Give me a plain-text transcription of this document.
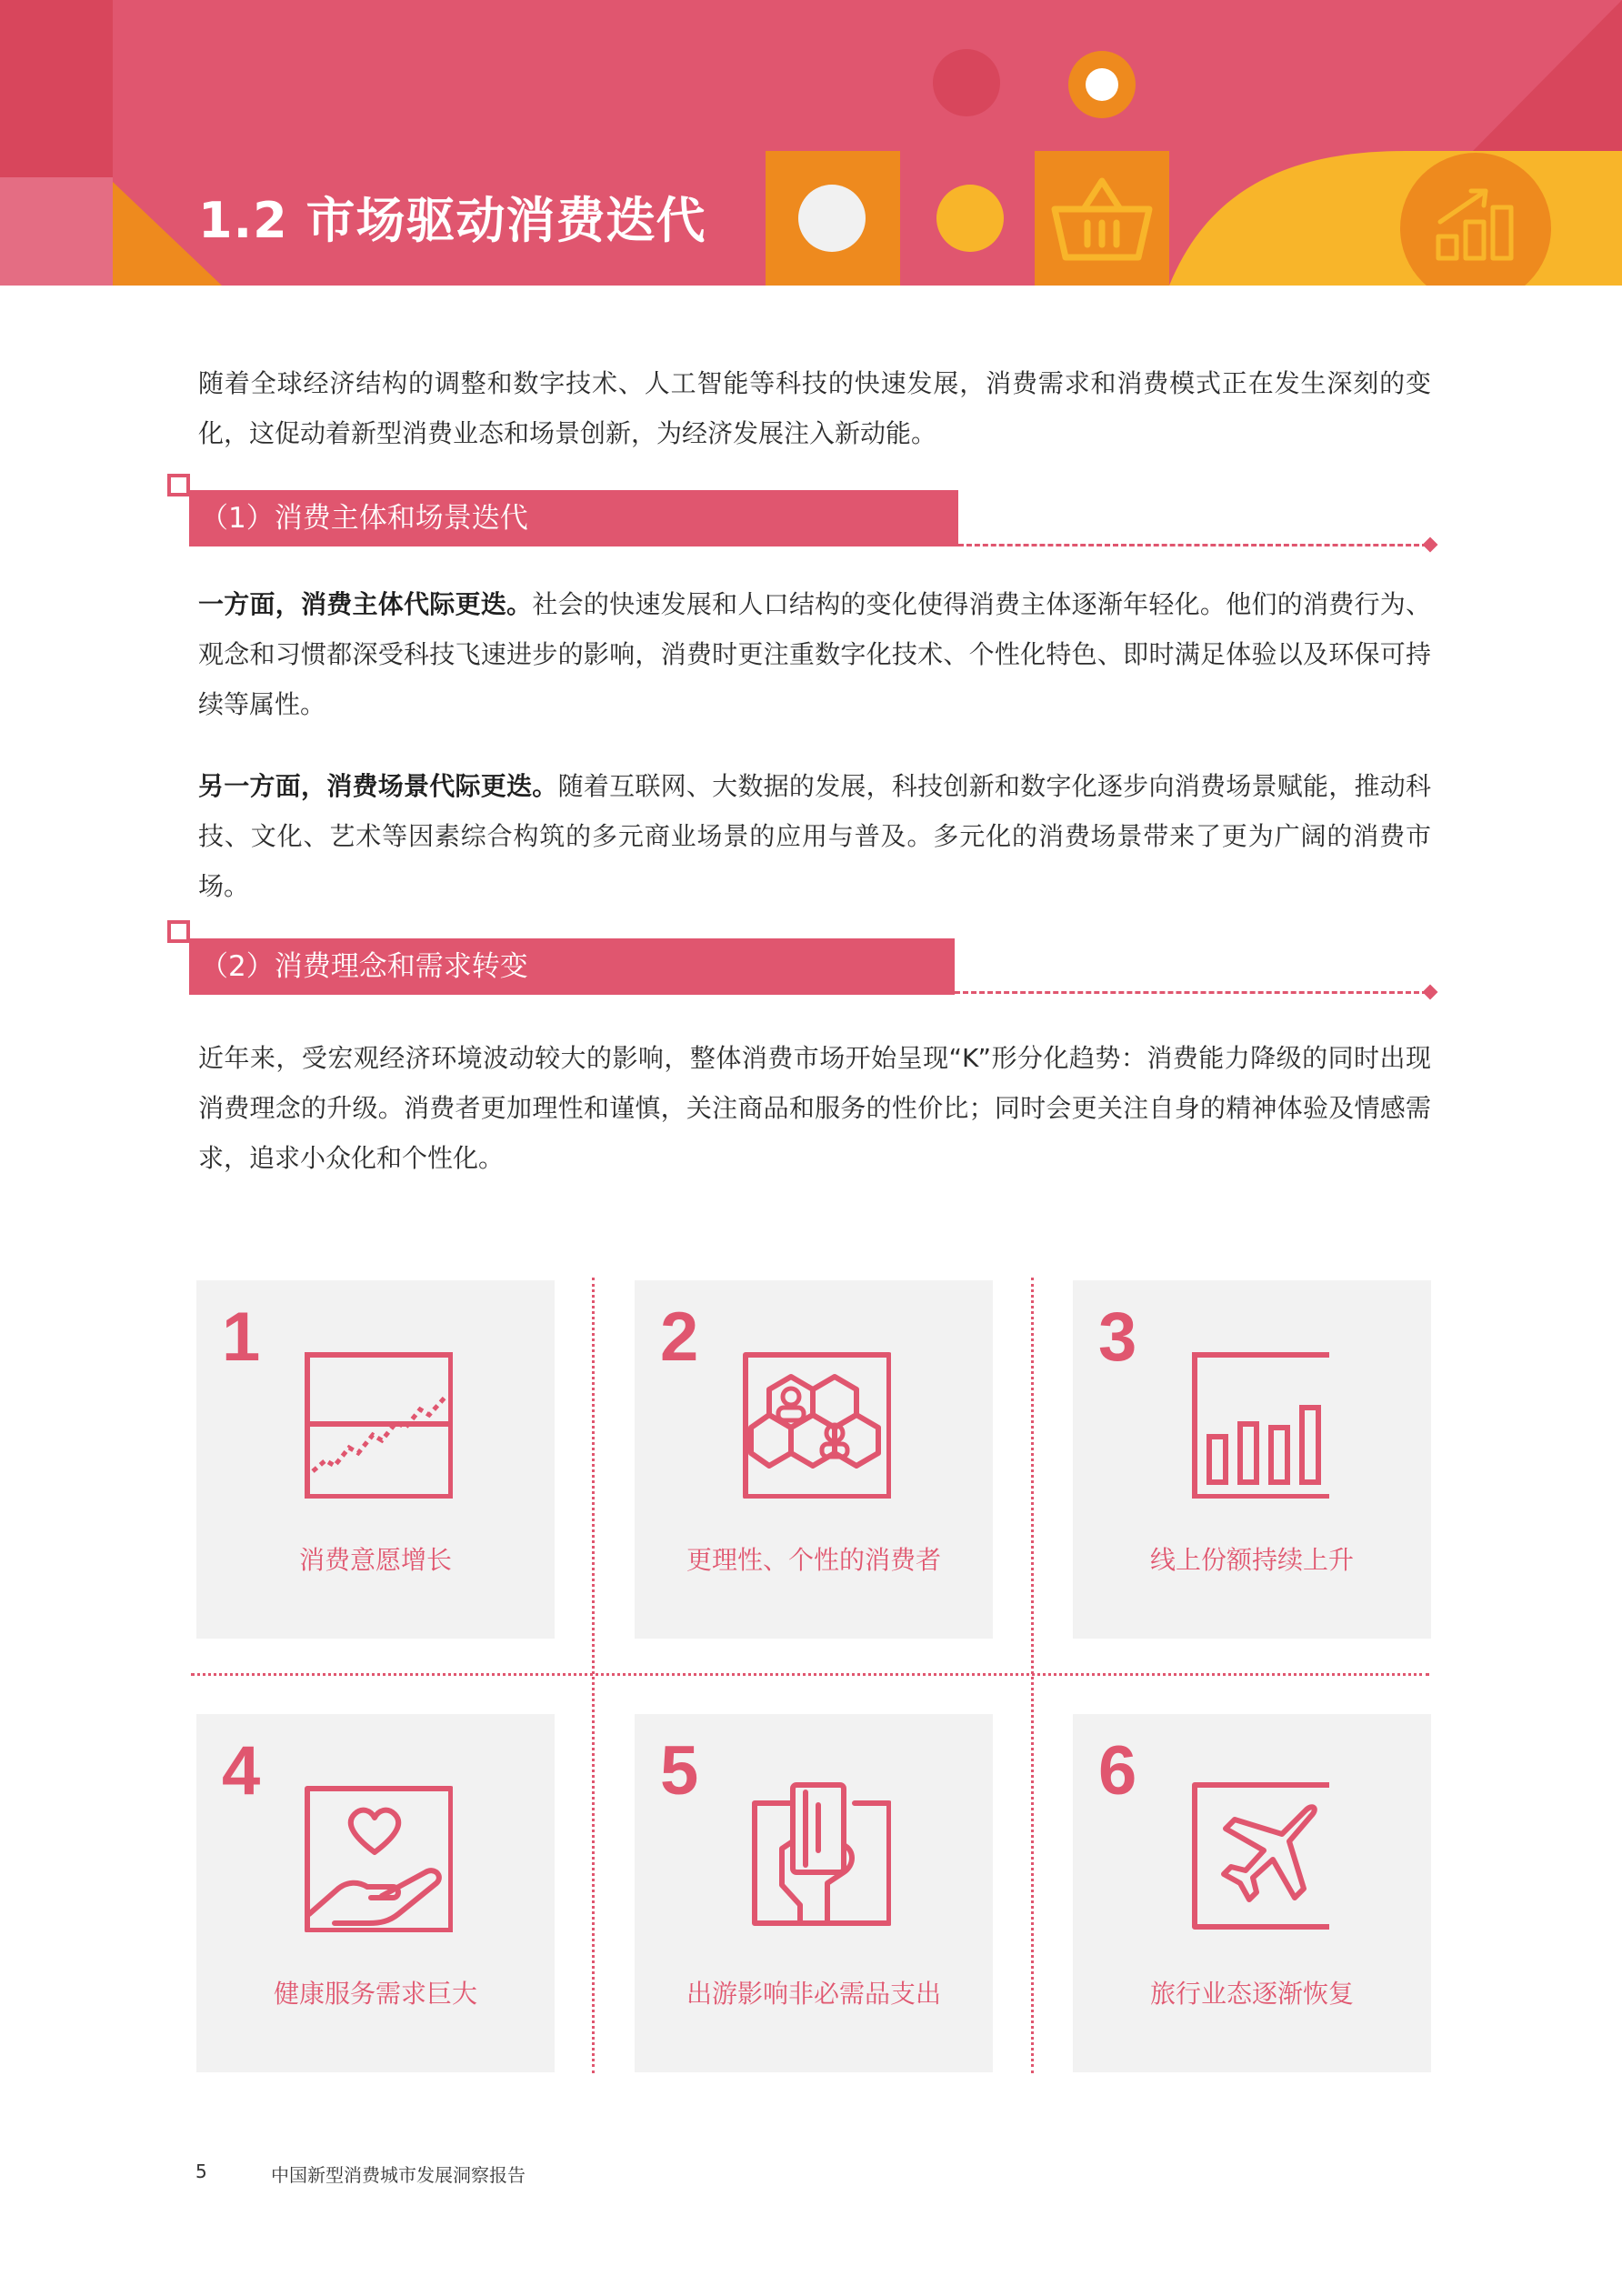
1.2 市场驱动消费迭代

随着全球经济结构的调整和数字技术、人工智能等科技的快速发展，消费需求和消费模式正在发生深刻的变化，这促动着新型消费业态和场景创新，为经济发展注入新动能。

（1）消费主体和场景迭代

一方面，消费主体代际更迭。社会的快速发展和人口结构的变化使得消费主体逐渐年轻化。他们的消费行为、观念和习惯都深受科技飞速进步的影响，消费时更注重数字化技术、个性化特色、即时满足体验以及环保可持续等属性。

另一方面，消费场景代际更迭。随着互联网、大数据的发展，科技创新和数字化逐步向消费场景赋能，推动科技、文化、艺术等因素综合构筑的多元商业场景的应用与普及。多元化的消费场景带来了更为广阔的消费市场。

（2）消费理念和需求转变

近年来，受宏观经济环境波动较大的影响，整体消费市场开始呈现“K”形分化趋势：消费能力降级的同时出现消费理念的升级。消费者更加理性和谨慎，关注商品和服务的性价比；同时会更关注自身的精神体验及情感需求，追求小众化和个性化。

1
消费意愿增长
2
更理性、个性的消费者
3
线上份额持续上升
4
健康服务需求巨大
5
出游影响非必需品支出
6
旅行业态逐渐恢复
5	中国新型消费城市发展洞察报告
